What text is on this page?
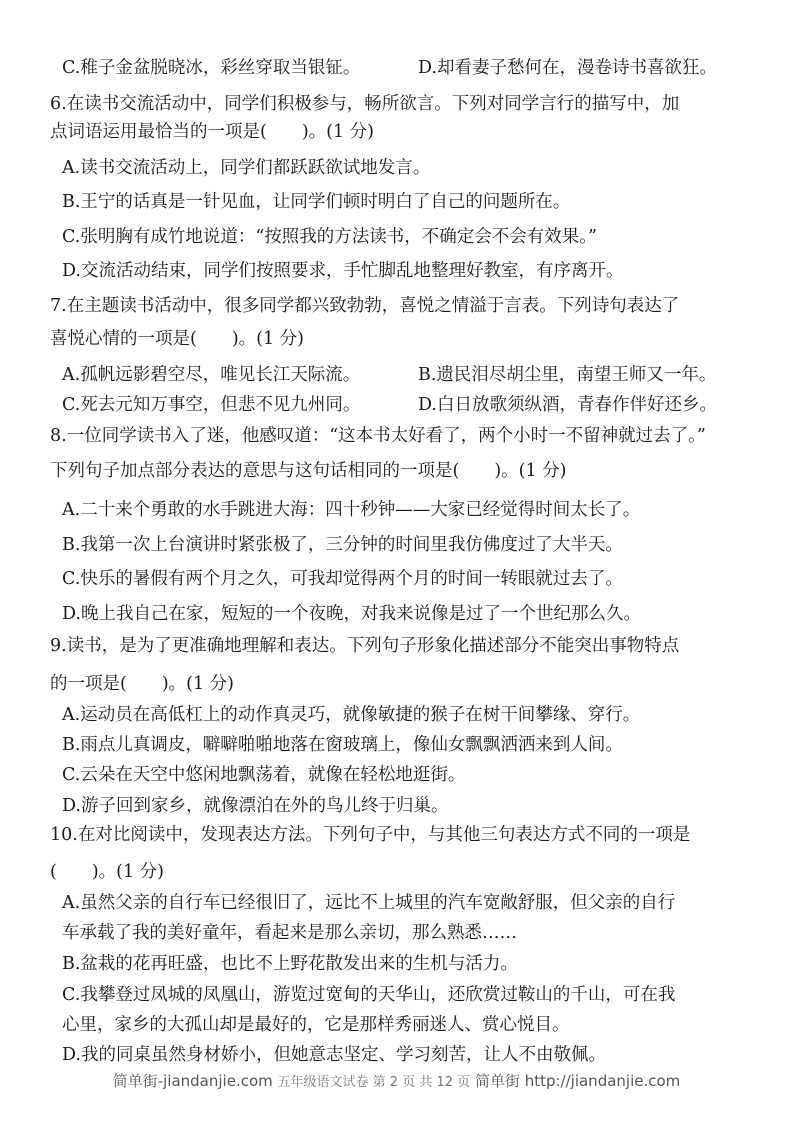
C.稚子金盆脱晓冰，彩丝穿取当银钲。	D.却看妻子愁何在，漫卷诗书喜欲狂。
6.在读书交流活动中，同学们积极参与，畅所欲言。下列对同学言行的描写中，加
点词语运用最恰当的一项是(　　)。(1 分)
A.读书交流活动上，同学们都跃跃欲试地发言。
B.王宁的话真是一针见血，让同学们顿时明白了自己的问题所在。
C.张明胸有成竹地说道：“按照我的方法读书，不确定会不会有效果。”
D.交流活动结束，同学们按照要求，手忙脚乱地整理好教室，有序离开。
7.在主题读书活动中，很多同学都兴致勃勃，喜悦之情溢于言表。下列诗句表达了
喜悦心情的一项是(　　)。(1 分)
A.孤帆远影碧空尽，唯见长江天际流。	B.遗民泪尽胡尘里，南望王师又一年。
C.死去元知万事空，但悲不见九州同。	D.白日放歌须纵酒，青春作伴好还乡。
8.一位同学读书入了迷，他感叹道：“这本书太好看了，两个小时一不留神就过去了。”
下列句子加点部分表达的意思与这句话相同的一项是(　　)。(1 分)
A.二十来个勇敢的水手跳进大海：四十秒钟——大家已经觉得时间太长了。
B.我第一次上台演讲时紧张极了，三分钟的时间里我仿佛度过了大半天。
C.快乐的暑假有两个月之久，可我却觉得两个月的时间一转眼就过去了。
D.晚上我自己在家，短短的一个夜晚，对我来说像是过了一个世纪那么久。
9.读书，是为了更准确地理解和表达。下列句子形象化描述部分不能突出事物特点
的一项是(　　)。(1 分)
A.运动员在高低杠上的动作真灵巧，就像敏捷的猴子在树干间攀缘、穿行。
B.雨点儿真调皮，噼噼啪啪地落在窗玻璃上，像仙女飘飘洒洒来到人间。
C.云朵在天空中悠闲地飘荡着，就像在轻松地逛街。
D.游子回到家乡，就像漂泊在外的鸟儿终于归巢。
10.在对比阅读中，发现表达方法。下列句子中，与其他三句表达方式不同的一项是
(　　)。(1 分)
A.虽然父亲的自行车已经很旧了，远比不上城里的汽车宽敞舒服，但父亲的自行
车承载了我的美好童年，看起来是那么亲切，那么熟悉……
B.盆栽的花再旺盛，也比不上野花散发出来的生机与活力。
C.我攀登过凤城的凤凰山，游览过宽甸的天华山，还欣赏过鞍山的千山，可在我
心里，家乡的大孤山却是最好的，它是那样秀丽迷人、赏心悦目。
D.我的同桌虽然身材娇小，但她意志坚定、学习刻苦，让人不由敬佩。
简单街-jiandanjie.com 五年级语文试卷 第 2 页 共 12 页 简单街 http://jiandanjie.com
